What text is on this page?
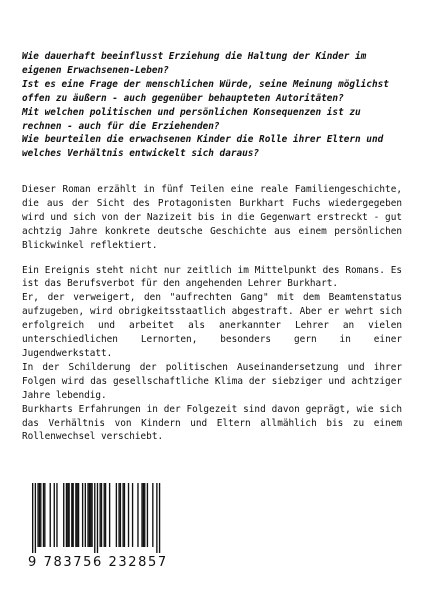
Wie dauerhaft beeinflusst Erziehung die Haltung der Kinder im eigenen Erwachsenen-Leben?

Ist es eine Frage der menschlichen Würde, seine Meinung möglichst offen zu äußern - auch gegenüber behaupteten Autoritäten?

Mit welchen politischen und persönlichen Konsequenzen ist zu rechnen - auch für die Erziehenden?

Wie beurteilen die erwachsenen Kinder die Rolle ihrer Eltern und welches Verhältnis entwickelt sich daraus?

Dieser Roman erzählt in fünf Teilen eine reale Familiengeschichte, die aus der Sicht des Protagonisten Burkhart Fuchs wiedergegeben wird und sich von der Nazizeit bis in die Gegenwart erstreckt - gut achtzig Jahre konkrete deutsche Geschichte aus einem persönlichen Blickwinkel reflektiert.

Ein Ereignis steht nicht nur zeitlich im Mittelpunkt des Romans. Es ist das Berufsverbot für den angehenden Lehrer Burkhart.

Er, der verweigert, den "aufrechten Gang" mit dem Beamtenstatus aufzugeben, wird obrigkeitsstaatlich abgestraft. Aber er wehrt sich erfolgreich und arbeitet als anerkannter Lehrer an vielen unterschiedlichen Lernorten, besonders gern in einer Jugendwerkstatt.

In der Schilderung der politischen Auseinandersetzung und ihrer Folgen wird das gesellschaftliche Klima der siebziger und achtziger Jahre lebendig.

Burkharts Erfahrungen in der Folgezeit sind davon geprägt, wie sich das Verhältnis von Kindern und Eltern allmählich bis zu einem Rollenwechsel verschiebt.

9 783756 232857
